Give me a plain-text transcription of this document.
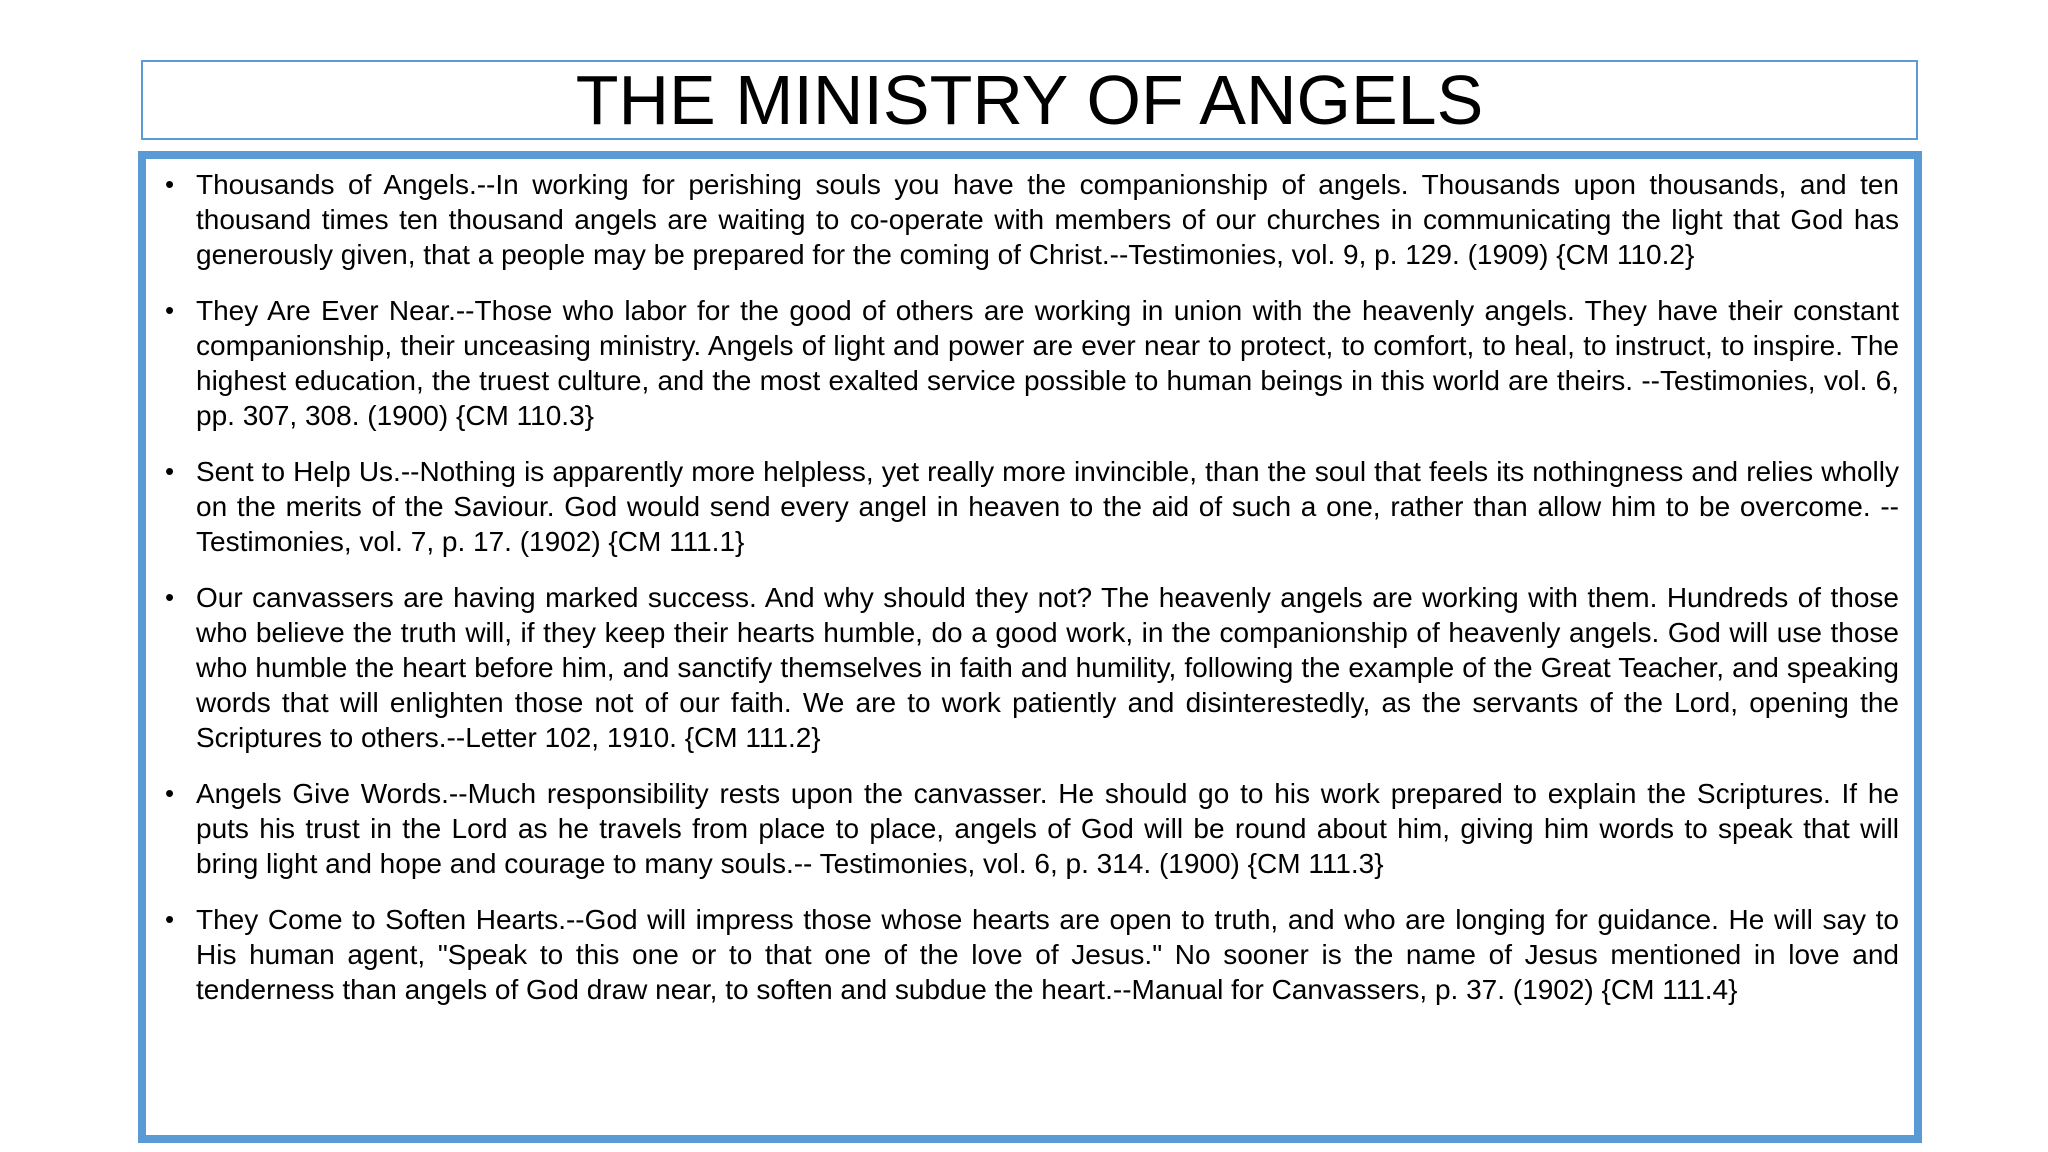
THE MINISTRY OF ANGELS
• Thousands of Angels.--In working for perishing souls you have the companionship of angels. Thousands upon thousands, and ten thousand times ten thousand angels are waiting to co-operate with members of our churches in communicating the light that God has generously given, that a people may be prepared for the coming of Christ.--Testimonies, vol. 9, p. 129. (1909) {CM 110.2}
• They Are Ever Near.--Those who labor for the good of others are working in union with the heavenly angels. They have their constant companionship, their unceasing ministry. Angels of light and power are ever near to protect, to comfort, to heal, to instruct, to inspire. The highest education, the truest culture, and the most exalted service possible to human beings in this world are theirs. --Testimonies, vol. 6, pp. 307, 308. (1900) {CM 110.3}
• Sent to Help Us.--Nothing is apparently more helpless, yet really more invincible, than the soul that feels its nothingness and relies wholly on the merits of the Saviour. God would send every angel in heaven to the aid of such a one, rather than allow him to be overcome. --Testimonies, vol. 7, p. 17. (1902) {CM 111.1}
• Our canvassers are having marked success. And why should they not? The heavenly angels are working with them. Hundreds of those who believe the truth will, if they keep their hearts humble, do a good work, in the companionship of heavenly angels. God will use those who humble the heart before him, and sanctify themselves in faith and humility, following the example of the Great Teacher, and speaking words that will enlighten those not of our faith. We are to work patiently and disinterestedly, as the servants of the Lord, opening the Scriptures to others.--Letter 102, 1910. {CM 111.2}
• Angels Give Words.--Much responsibility rests upon the canvasser. He should go to his work prepared to explain the Scriptures. If he puts his trust in the Lord as he travels from place to place, angels of God will be round about him, giving him words to speak that will bring light and hope and courage to many souls.-- Testimonies, vol. 6, p. 314. (1900) {CM 111.3}
• They Come to Soften Hearts.--God will impress those whose hearts are open to truth, and who are longing for guidance. He will say to His human agent, "Speak to this one or to that one of the love of Jesus." No sooner is the name of Jesus mentioned in love and tenderness than angels of God draw near, to soften and subdue the heart.--Manual for Canvassers, p. 37. (1902) {CM 111.4}
